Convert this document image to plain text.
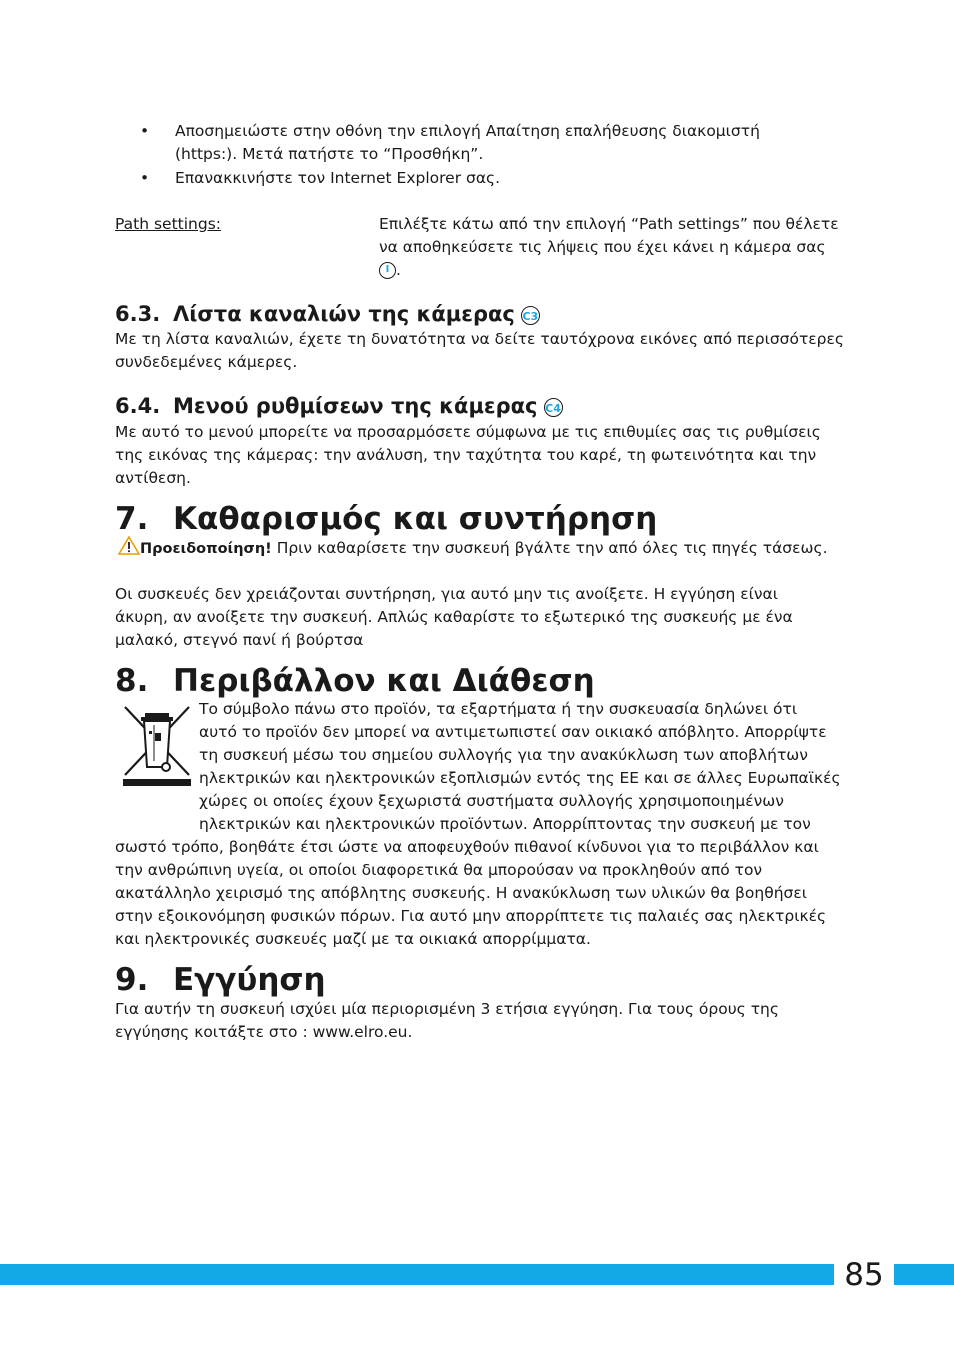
• Αποσημειώστε στην οθόνη την επιλογή Απαίτηση επαλήθευσης διακομιστή (https:). Μετά πατήστε το “Προσθήκη”.
• Επανακκινήστε τον Internet Explorer σας.
Path settings:	Επιλέξτε κάτω από την επιλογή “Path settings” που θέλετε
να αποθηκεύσετε τις λήψεις που έχει κάνει η κάμερα σας
I .
6.3. Λίστα καναλιών της κάμερας C3
Με τη λίστα καναλιών, έχετε τη δυνατότητα να δείτε ταυτόχρονα εικόνες από περισσότερες συνδεδεμένες κάμερες.
6.4. Μενού ρυθμίσεων της κάμερας C4
Με αυτό το μενού μπορείτε να προσαρμόσετε σύμφωνα με τις επιθυμίες σας τις ρυθμίσεις της εικόνας της κάμερας: την ανάλυση, την ταχύτητα του καρέ, τη φωτεινότητα και την αντίθεση.
7. Καθαρισμός και συντήρηση
Προειδοποίηση! Πριν καθαρίσετε την συσκευή βγάλτε την από όλες τις πηγές τάσεως.
Οι συσκευές δεν χρειάζονται συντήρηση, για αυτό μην τις ανοίξετε. Η εγγύηση είναι άκυρη, αν ανοίξετε την συσκευή. Απλώς καθαρίστε το εξωτερικό της συσκευής με ένα μαλακό, στεγνό πανί ή βούρτσα
8. Περιβάλλον και Διάθεση
Το σύμβολο πάνω στο προϊόν, τα εξαρτήματα ή την συσκευασία δηλώνει ότι
αυτό το προϊόν δεν μπορεί να αντιμετωπιστεί σαν οικιακό απόβλητο. Απορρίψτε
τη συσκευή μέσω του σημείου συλλογής για την ανακύκλωση των αποβλήτων
ηλεκτρικών και ηλεκτρονικών εξοπλισμών εντός της ΕΕ και σε άλλες Ευρωπαϊκές
χώρες οι οποίες έχουν ξεχωριστά συστήματα συλλογής χρησιμοποιημένων
ηλεκτρικών και ηλεκτρονικών προϊόντων. Απορρίπτοντας την συσκευή με τον
σωστό τρόπο, βοηθάτε έτσι ώστε να αποφευχθούν πιθανοί κίνδυνοι για το περιβάλλον και
την ανθρώπινη υγεία, οι οποίοι διαφορετικά θα μπορούσαν να προκληθούν από τον
ακατάλληλο χειρισμό της απόβλητης συσκευής. Η ανακύκλωση των υλικών θα βοηθήσει
στην εξοικονόμηση φυσικών πόρων. Για αυτό μην απορρίπτετε τις παλαιές σας ηλεκτρικές
και ηλεκτρονικές συσκευές μαζί με τα οικιακά απορρίμματα.
9. Εγγύηση
Για αυτήν τη συσκευή ισχύει μία περιορισμένη 3 ετήσια εγγύηση. Για τους όρους της εγγύησης κοιτάξτε στο : www.elro.eu.
85
